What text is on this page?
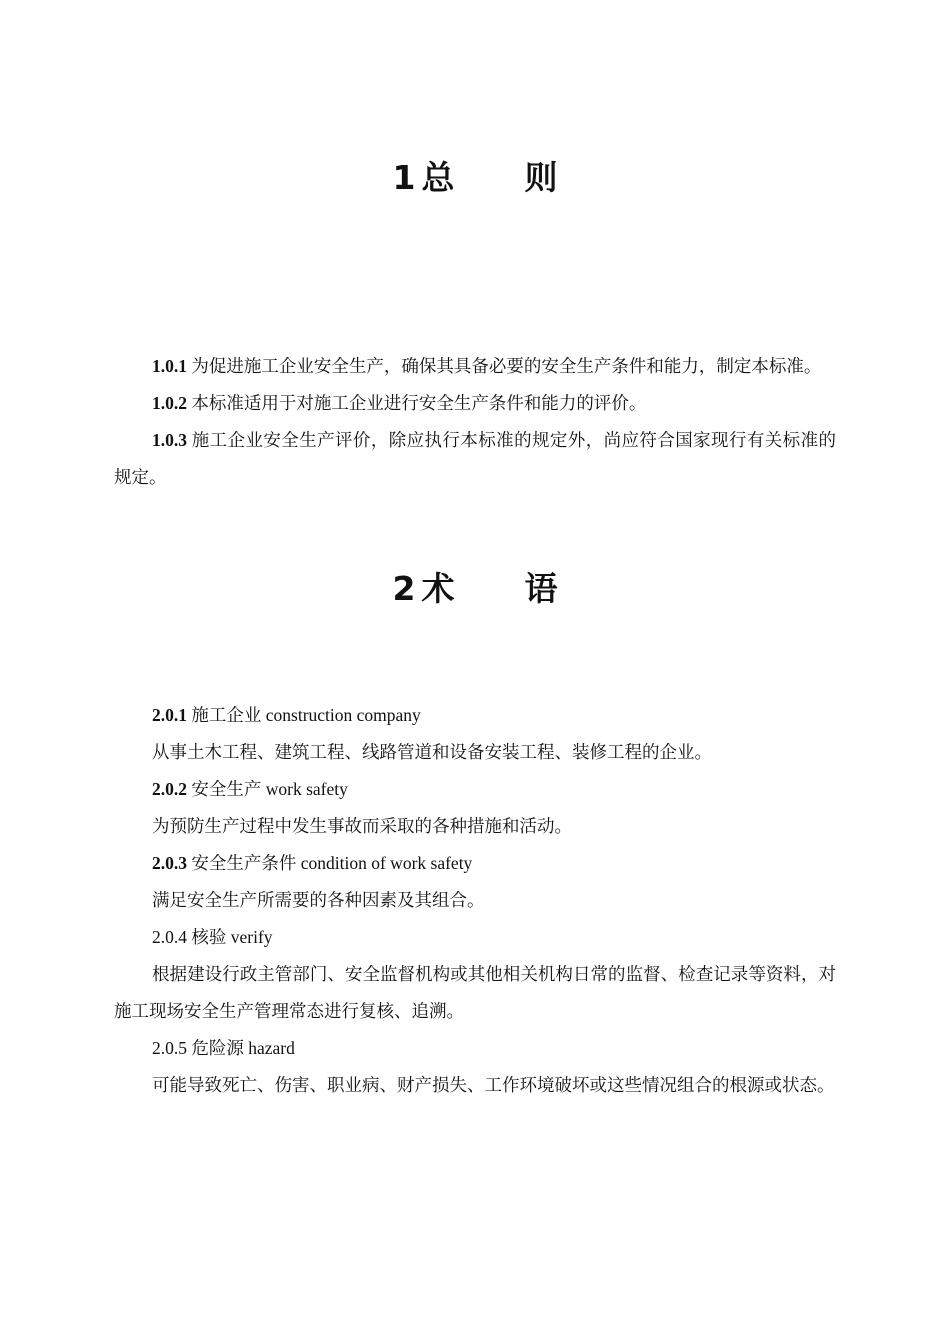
1 总 则

1.0.1 为促进施工企业安全生产，确保其具备必要的安全生产条件和能力，制定本标准。

1.0.2 本标准适用于对施工企业进行安全生产条件和能力的评价。

1.0.3 施工企业安全生产评价，除应执行本标准的规定外，尚应符合国家现行有关标准的规定。

2 术 语

2.0.1 施工企业 construction company

从事土木工程、建筑工程、线路管道和设备安装工程、装修工程的企业。

2.0.2 安全生产 work safety

为预防生产过程中发生事故而采取的各种措施和活动。

2.0.3 安全生产条件 condition of work safety

满足安全生产所需要的各种因素及其组合。

2.0.4 核验 verify

根据建设行政主管部门、安全监督机构或其他相关机构日常的监督、检查记录等资料，对施工现场安全生产管理常态进行复核、追溯。

2.0.5 危险源 hazard

可能导致死亡、伤害、职业病、财产损失、工作环境破坏或这些情况组合的根源或状态。
